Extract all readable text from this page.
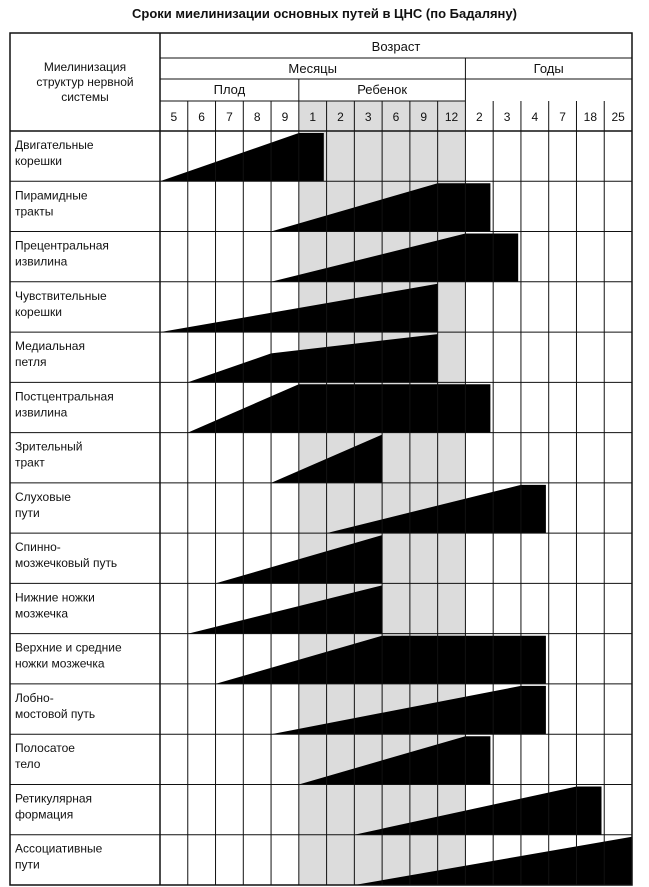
Сроки миелинизации основных путей в ЦНС (по Бадаляну)
Возраст
Месяцы	Годы
Плод	Ребенок
Миелинизация
структур нервной
системы
5 6 7 8 9 1 2 3 6 9 12 2 3 4 7 18 25
Двигательные
корешки
Пирамидные
тракты
Прецентральная
извилина
Чувствительные
корешки
Медиальная
петля
Постцентральная
извилина
Зрительный
тракт
Слуховые
пути
Спинно-
мозжечковый путь
Нижние ножки
мозжечка
Верхние и средние
ножки мозжечка
Лобно-
мостовой путь
Полосатое
тело
Ретикулярная
формация
Ассоциативные
пути
